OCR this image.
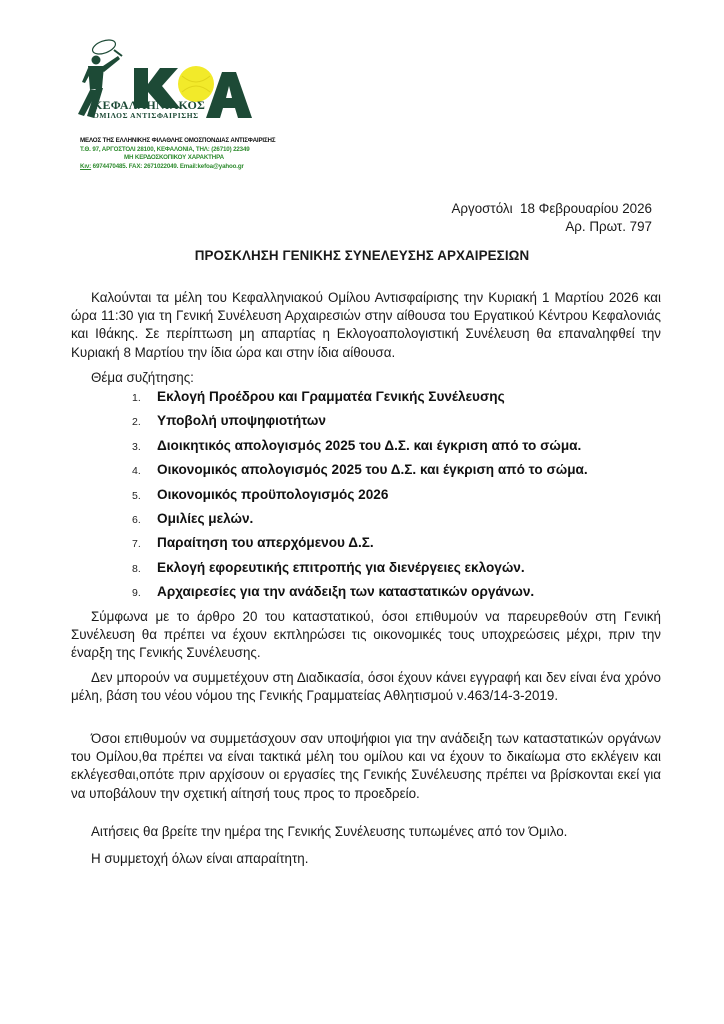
ΚΕΦΑΛΛΗΝΙΑΚΟΣ
ΟΜΙΛΟΣ ΑΝΤΙΣΦΑΙΡΙΣΗΣ
ΜΕΛΟΣ ΤΗΣ ΕΛΛΗΝΙΚΗΣ ΦΙΛΑΘΛΗΣ ΟΜΟΣΠΟΝΔΙΑΣ ΑΝΤΙΣΦΑΙΡΙΣΗΣ
Τ.Θ. 97, ΑΡΓΟΣΤΟΛΙ 28100, ΚΕΦΑΛΟΝΙΑ, ΤΗΛ: (26710) 22349
ΜΗ ΚΕΡΔΟΣΚΟΠΙΚΟΥ ΧΑΡΑΚΤΗΡΑ
Κιν: 6974470485. FAX: 2671022049. Email:kefoa@yahoo.gr
Αργοστόλι  18 Φεβρουαρίου 2026
Αρ. Πρωτ. 797
ΠΡΟΣΚΛΗΣΗ ΓΕΝΙΚΗΣ ΣΥΝΕΛΕΥΣΗΣ ΑΡΧΑΙΡΕΣΙΩΝ

Καλούνται τα μέλη του Κεφαλληνιακού Ομίλου Αντισφαίρισης την Κυριακή 1 Μαρτίου 2026 και ώρα 11:30 για τη Γενική Συνέλευση Αρχαιρεσιών στην αίθουσα του Εργατικού Κέντρου Κεφαλονιάς και Ιθάκης. Σε περίπτωση μη απαρτίας η Εκλογοαπολογιστική Συνέλευση θα επαναληφθεί την Κυριακή 8 Μαρτίου την ίδια ώρα και στην ίδια αίθουσα.

Θέμα συζήτησης:
1.	Εκλογή Προέδρου και Γραμματέα Γενικής Συνέλευσης
2.	Υποβολή υποψηφιοτήτων
3.	Διοικητικός απολογισμός 2025 του Δ.Σ. και έγκριση από το σώμα.
4.	Οικονομικός απολογισμός 2025 του Δ.Σ. και έγκριση από το σώμα.
5.	Οικονομικός προϋπολογισμός 2026
6.	Ομιλίες μελών.
7.	Παραίτηση του απερχόμενου Δ.Σ.
8.	Εκλογή εφορευτικής επιτροπής για διενέργειες εκλογών.
9.	Αρχαιρεσίες για την ανάδειξη των καταστατικών οργάνων.

Σύμφωνα με το άρθρο 20 του καταστατικού, όσοι επιθυμούν να παρευρεθούν στη Γενική Συνέλευση θα πρέπει να έχουν εκπληρώσει τις οικονομικές τους υποχρεώσεις μέχρι, πριν την έναρξη της Γενικής Συνέλευσης.

Δεν μπορούν να συμμετέχουν στη Διαδικασία, όσοι έχουν κάνει εγγραφή και δεν είναι ένα χρόνο μέλη, βάση του νέου νόμου της Γενικής Γραμματείας Αθλητισμού ν.463/14-3-2019.

Όσοι επιθυμούν να συμμετάσχουν σαν υποψήφιοι για την ανάδειξη των καταστατικών οργάνων του Ομίλου,θα πρέπει να είναι τακτικά μέλη του ομίλου και να έχουν το δικαίωμα στο εκλέγειν και εκλέγεσθαι,οπότε πριν αρχίσουν οι εργασίες της Γενικής Συνέλευσης πρέπει να βρίσκονται εκεί για να υποβάλουν την σχετική αίτησή τους προς το προεδρείο.

Αιτήσεις θα βρείτε την ημέρα της Γενικής Συνέλευσης τυπωμένες από τον Όμιλο.

Η συμμετοχή όλων είναι απαραίτητη.
